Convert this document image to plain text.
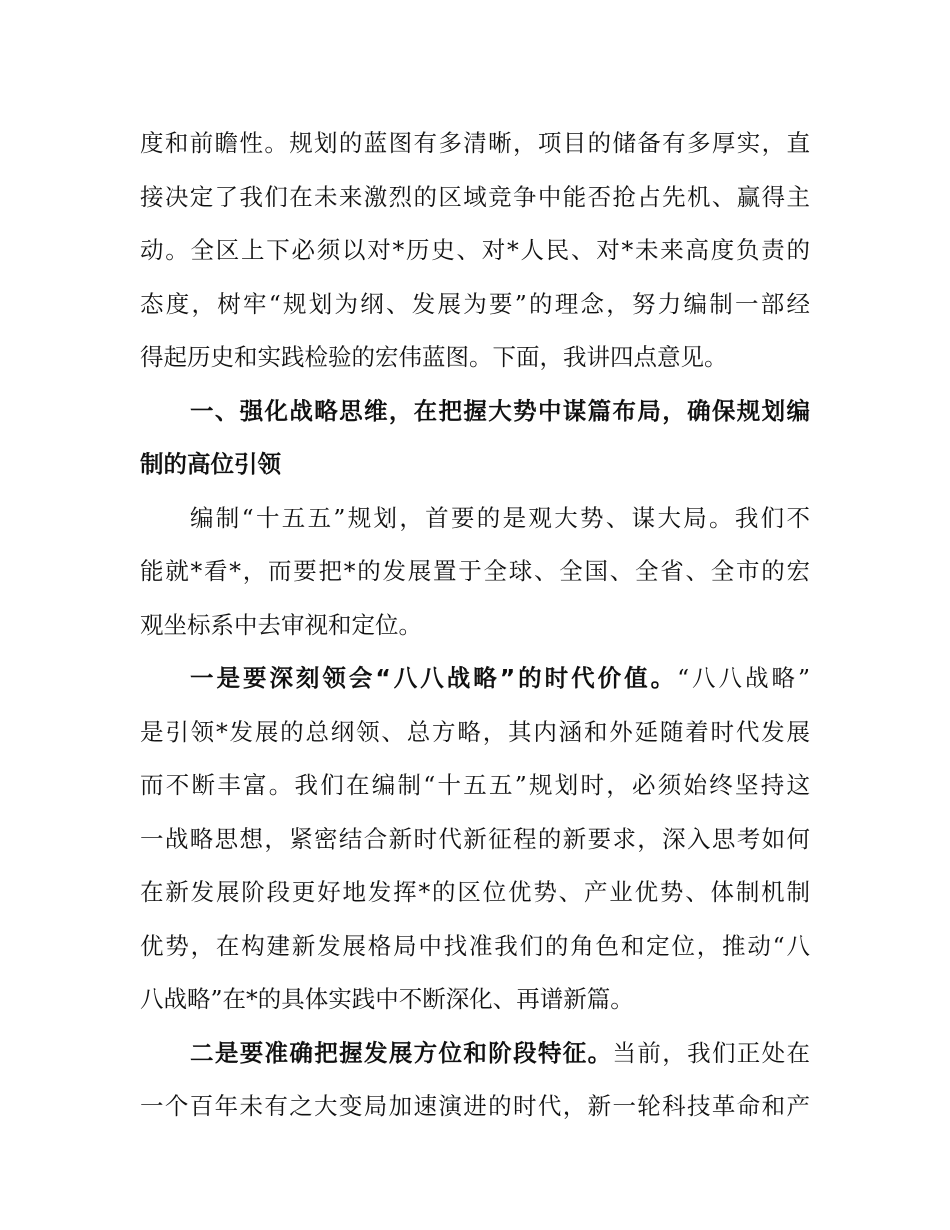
度和前瞻性。规划的蓝图有多清晰，项目的储备有多厚实，直
接决定了我们在未来激烈的区域竞争中能否抢占先机、赢得主
动。全区上下必须以对*历史、对*人民、对*未来高度负责的
态度，树牢“规划为纲、发展为要”的理念，努力编制一部经
得起历史和实践检验的宏伟蓝图。下面，我讲四点意见。
一、强化战略思维，在把握大势中谋篇布局，确保规划编
制的高位引领
编制“十五五”规划，首要的是观大势、谋大局。我们不
能就*看*，而要把*的发展置于全球、全国、全省、全市的宏
观坐标系中去审视和定位。
一是要深刻领会“八八战略”的时代价值。“八八战略”
是引领*发展的总纲领、总方略，其内涵和外延随着时代发展
而不断丰富。我们在编制“十五五”规划时，必须始终坚持这
一战略思想，紧密结合新时代新征程的新要求，深入思考如何
在新发展阶段更好地发挥*的区位优势、产业优势、体制机制
优势，在构建新发展格局中找准我们的角色和定位，推动“八
八战略”在*的具体实践中不断深化、再谱新篇。
二是要准确把握发展方位和阶段特征。当前，我们正处在
一个百年未有之大变局加速演进的时代，新一轮科技革命和产
